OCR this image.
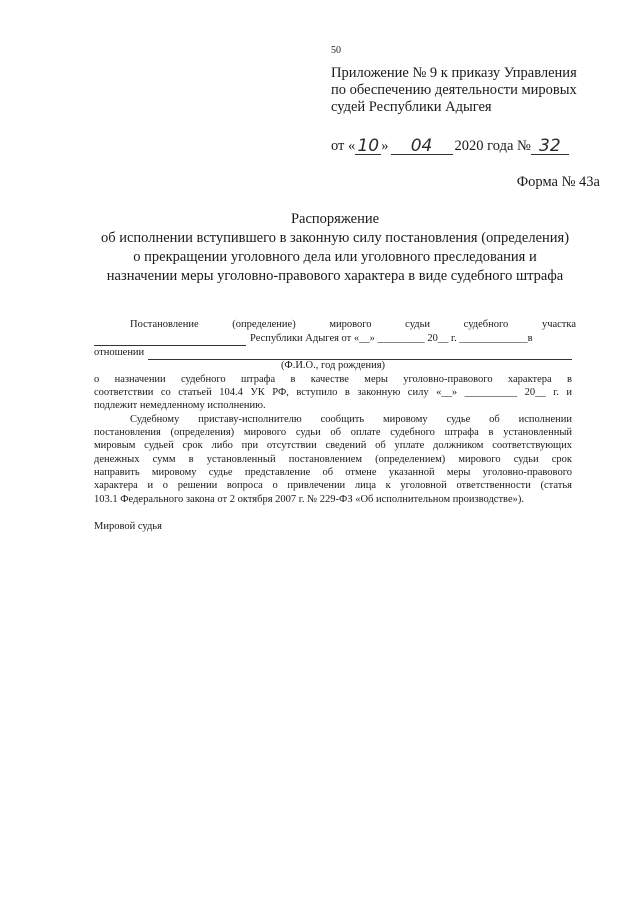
50
Приложение № 9 к приказу Управления
по обеспечению деятельности мировых
судей Республики Адыгея
от « 10 »	04	2020 года № 32
Форма № 43а
Распоряжение
об исполнении вступившего в законную силу постановления (определения)
о прекращении уголовного дела или уголовного преследования и
назначении меры уголовно-правового характера в виде судебного штрафа
Постановление (определение) мирового судьи судебного участка
Республики Адыгея от «__» _________ 20__ г. _____________в
отношении
(Ф.И.О., год рождения)
о назначении судебного штрафа в качестве меры уголовно-правового характера в
соответствии со статьей 104.4 УК РФ, вступило в законную силу «__» __________ 20__ г. и
подлежит немедленному исполнению.
Судебному приставу-исполнителю сообщить мировому судье об исполнении
постановления (определения) мирового судьи об оплате судебного штрафа в установленный
мировым судьей срок либо при отсутствии сведений об уплате должником соответствующих
денежных сумм в установленный постановлением (определением) мирового судьи срок
направить мировому судье представление об отмене указанной меры уголовно-правового
характера и о решении вопроса о привлечении лица к уголовной ответственности (статья
103.1 Федерального закона от 2 октября 2007 г. № 229-ФЗ «Об исполнительном производстве»).
Мировой судья
